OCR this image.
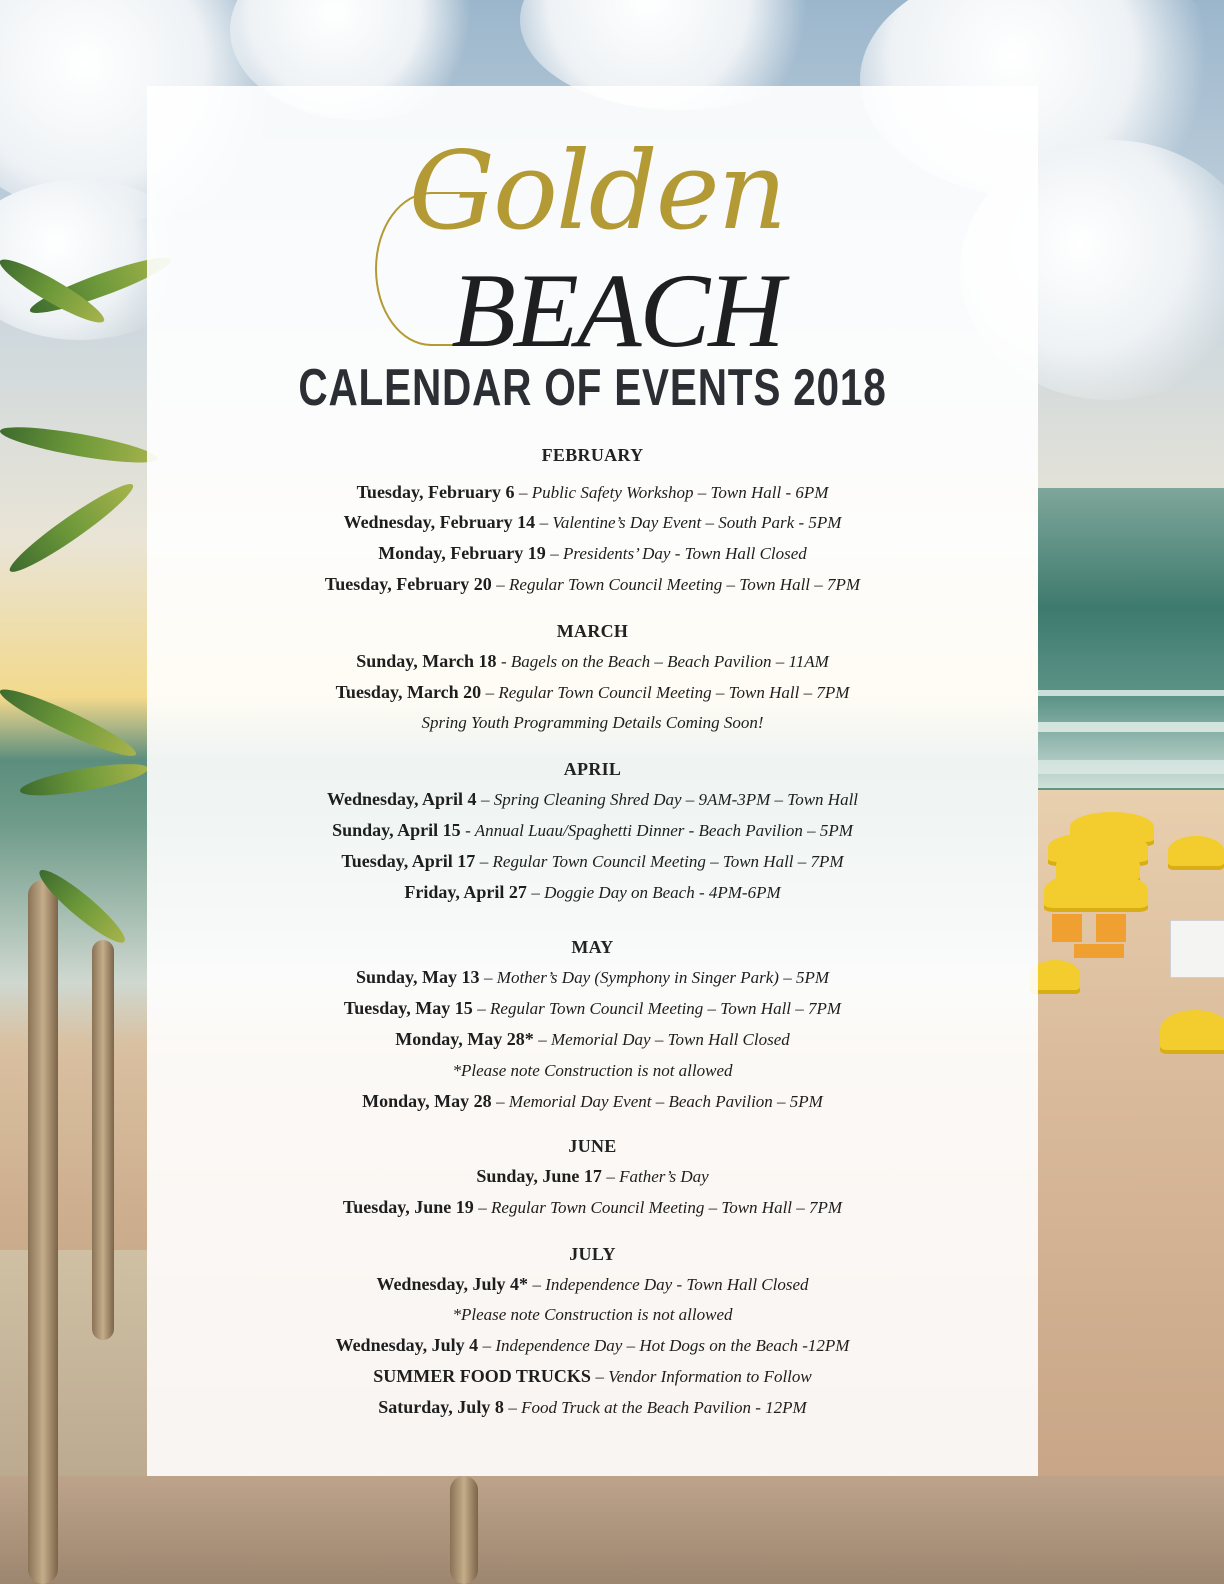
Golden
BEACH
CALENDAR OF EVENTS 2018
FEBRUARY
Tuesday, February 6 – Public Safety Workshop – Town Hall - 6PM
Wednesday, February 14 – Valentine’s Day Event – South Park - 5PM
Monday, February 19 – Presidents’ Day - Town Hall Closed
Tuesday, February 20 – Regular Town Council Meeting – Town Hall – 7PM
MARCH
Sunday, March 18 - Bagels on the Beach – Beach Pavilion – 11AM
Tuesday, March 20 – Regular Town Council Meeting – Town Hall – 7PM
Spring Youth Programming Details Coming Soon!
APRIL
Wednesday, April 4 – Spring Cleaning Shred Day – 9AM-3PM – Town Hall
Sunday, April 15 - Annual Luau/Spaghetti Dinner - Beach Pavilion – 5PM
Tuesday, April 17 – Regular Town Council Meeting – Town Hall – 7PM
Friday, April 27 – Doggie Day on Beach - 4PM-6PM
MAY
Sunday, May 13 – Mother’s Day (Symphony in Singer Park) – 5PM
Tuesday, May 15 – Regular Town Council Meeting – Town Hall – 7PM
Monday, May 28* – Memorial Day – Town Hall Closed
*Please note Construction is not allowed
Monday, May 28 – Memorial Day Event – Beach Pavilion – 5PM
JUNE
Sunday, June 17 – Father’s Day
Tuesday, June 19 – Regular Town Council Meeting – Town Hall – 7PM
JULY
Wednesday, July 4* – Independence Day - Town Hall Closed
*Please note Construction is not allowed
Wednesday, July 4 – Independence Day – Hot Dogs on the Beach -12PM
SUMMER FOOD TRUCKS – Vendor Information to Follow
Saturday, July 8 – Food Truck at the Beach Pavilion - 12PM
